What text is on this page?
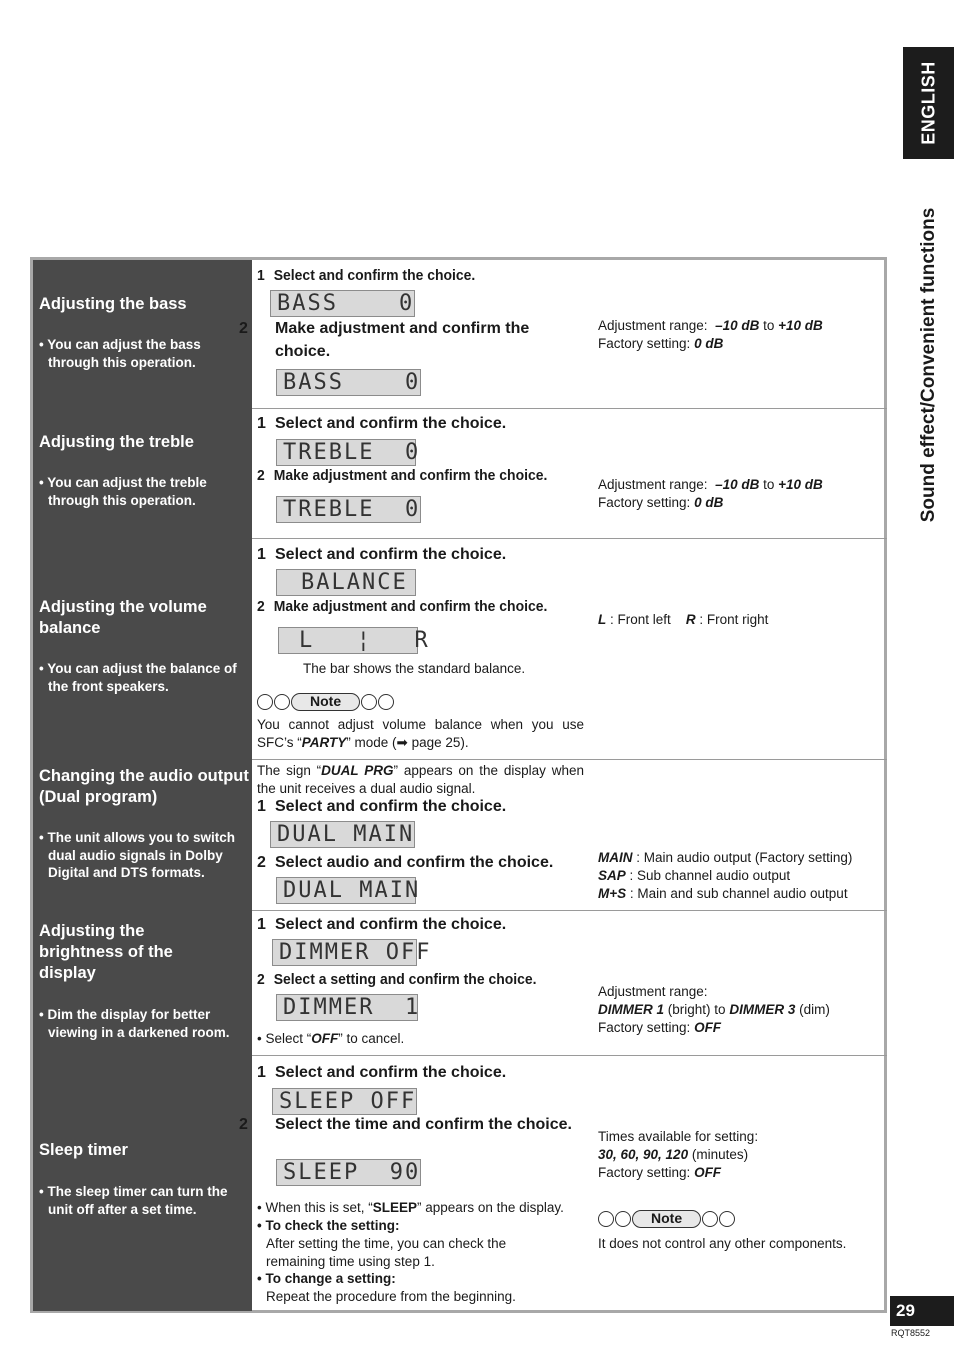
ENGLISH
Sound effect/Convenient functions
Adjusting the bass
• You can adjust the bass through this operation.
1 Select and confirm the choice.
BASS    0
2 Make adjustment and confirm the choice.
BASS    0
Adjustment range: –10 dB to +10 dB
Factory setting: 0 dB
Adjusting the treble
• You can adjust the treble through this operation.
1 Select and confirm the choice.
TREBLE  0
2 Make adjustment and confirm the choice.
TREBLE  0
Adjustment range: –10 dB to +10 dB
Factory setting: 0 dB
Adjusting the volume balance
• You can adjust the balance of the front speakers.
1 Select and confirm the choice.
BALANCE
2 Make adjustment and confirm the choice.
L  ¦  R
The bar shows the standard balance.
Note
You cannot adjust volume balance when you use SFC’s “PARTY” mode (➡ page 25).
L : Front left R : Front right
Changing the audio output (Dual program)
• The unit allows you to switch dual audio signals in Dolby Digital and DTS formats.
The sign “DUAL PRG” appears on the display when the unit receives a dual audio signal.
1 Select and confirm the choice.
DUAL MAIN
2 Select audio and confirm the choice.
DUAL MAIN
MAIN : Main audio output (Factory setting)
SAP : Sub channel audio output
M+S : Main and sub channel audio output
Adjusting the brightness of the display
• Dim the display for better viewing in a darkened room.
1 Select and confirm the choice.
DIMMER OFF
2 Select a setting and confirm the choice.
DIMMER  1
• Select “OFF” to cancel.
Adjustment range:
DIMMER 1 (bright) to DIMMER 3 (dim)
Factory setting: OFF
Sleep timer
• The sleep timer can turn the unit off after a set time.
1 Select and confirm the choice.
SLEEP OFF
2 Select the time and confirm the choice.
SLEEP  90
• When this is set, “SLEEP” appears on the display.
• To check the setting:
After setting the time, you can check the remaining time using step 1.
• To change a setting:
Repeat the procedure from the beginning.
Times available for setting:
30, 60, 90, 120 (minutes)
Factory setting: OFF
Note
It does not control any other components.
29
RQT8552
